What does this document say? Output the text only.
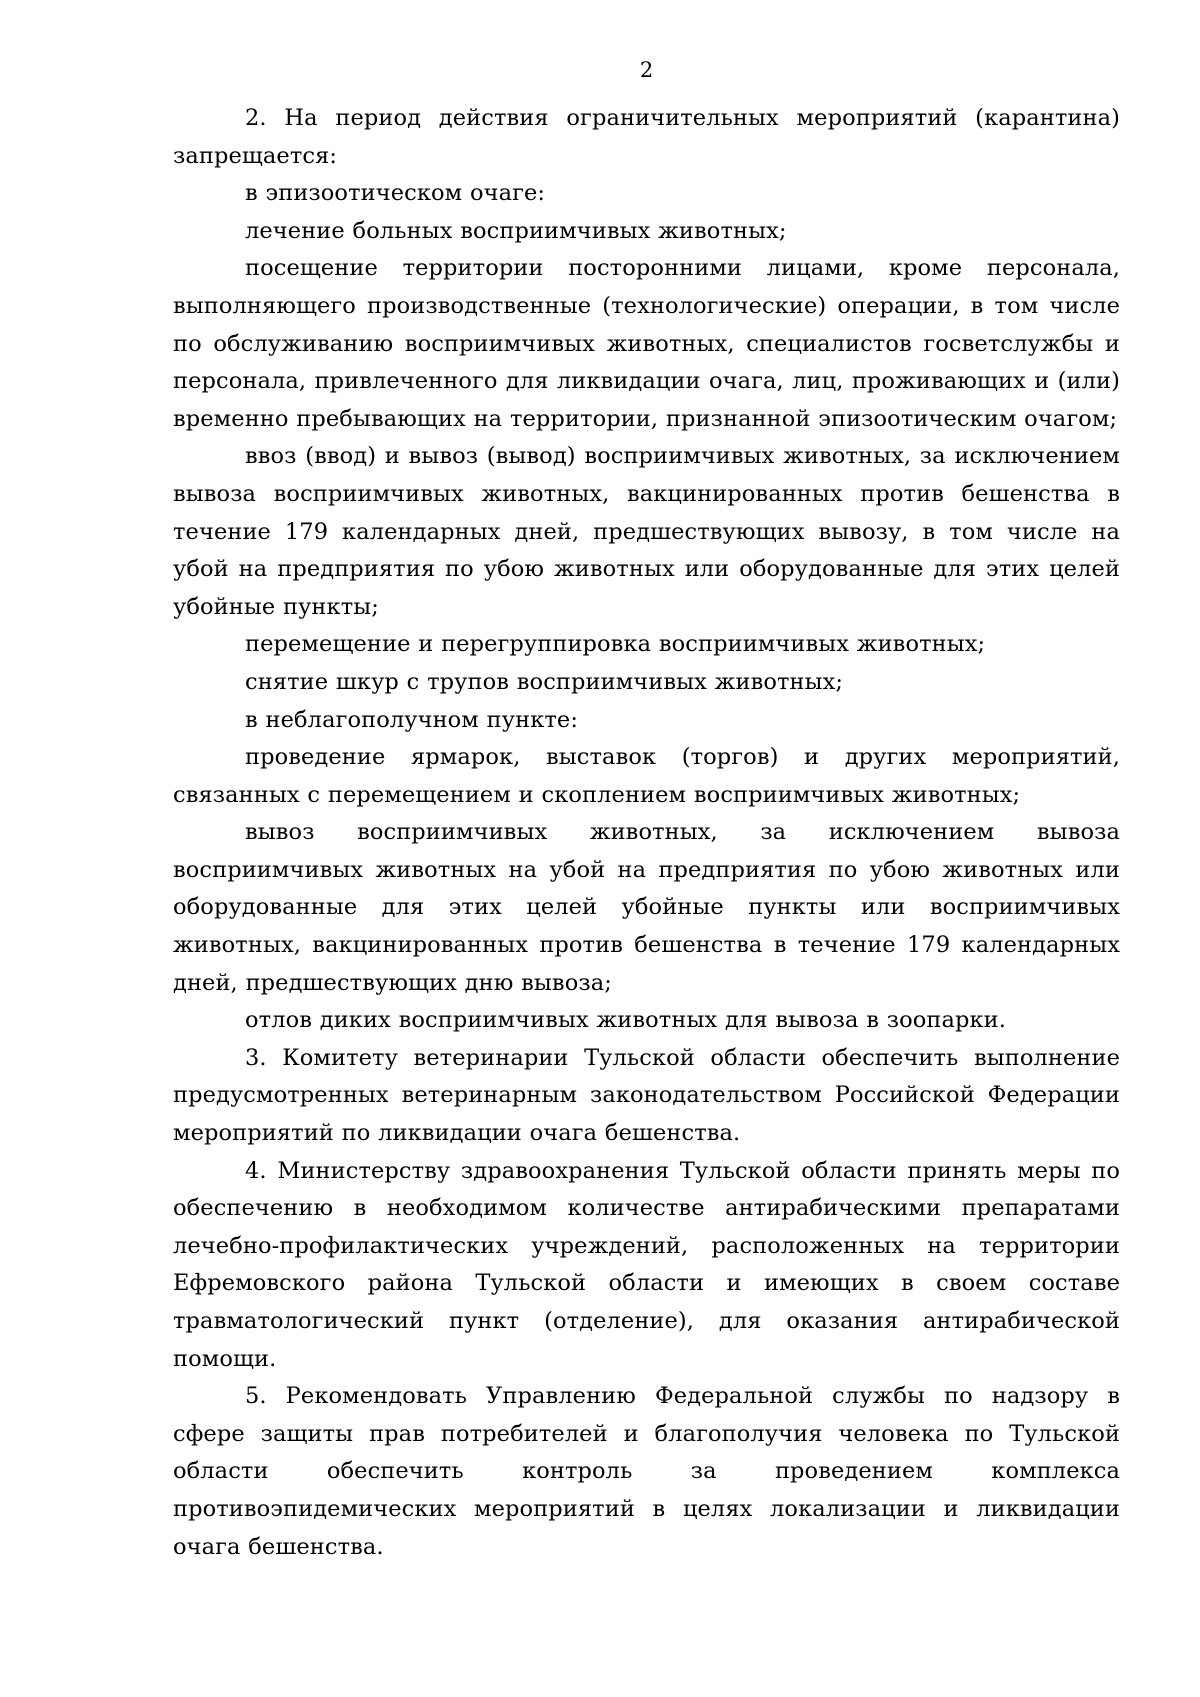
2

2. На период действия ограничительных мероприятий (карантина) запрещается:

в эпизоотическом очаге:

лечение больных восприимчивых животных;

посещение территории посторонними лицами, кроме персонала, выполняющего производственные (технологические) операции, в том числе по обслуживанию восприимчивых животных, специалистов госветслужбы и персонала, привлеченного для ликвидации очага, лиц, проживающих и (или) временно пребывающих на территории, признанной эпизоотическим очагом;

ввоз (ввод) и вывоз (вывод) восприимчивых животных, за исключением вывоза восприимчивых животных, вакцинированных против бешенства в течение 179 календарных дней, предшествующих вывозу, в том числе на убой на предприятия по убою животных или оборудованные для этих целей убойные пункты;

перемещение и перегруппировка восприимчивых животных;

снятие шкур с трупов восприимчивых животных;

в неблагополучном пункте:

проведение ярмарок, выставок (торгов) и других мероприятий, связанных с перемещением и скоплением восприимчивых животных;

вывоз восприимчивых животных, за исключением вывоза восприимчивых животных на убой на предприятия по убою животных или оборудованные для этих целей убойные пункты или восприимчивых животных, вакцинированных против бешенства в течение 179 календарных дней, предшествующих дню вывоза;

отлов диких восприимчивых животных для вывоза в зоопарки.

3. Комитету ветеринарии Тульской области обеспечить выполнение предусмотренных ветеринарным законодательством Российской Федерации мероприятий по ликвидации очага бешенства.

4. Министерству здравоохранения Тульской области принять меры по обеспечению в необходимом количестве антирабическими препаратами лечебно-профилактических учреждений, расположенных на территории Ефремовского района Тульской области и имеющих в своем составе травматологический пункт (отделение), для оказания антирабической помощи.

5. Рекомендовать Управлению Федеральной службы по надзору в сфере защиты прав потребителей и благополучия человека по Тульской области обеспечить контроль за проведением комплекса противоэпидемических мероприятий в целях локализации и ликвидации очага бешенства.
